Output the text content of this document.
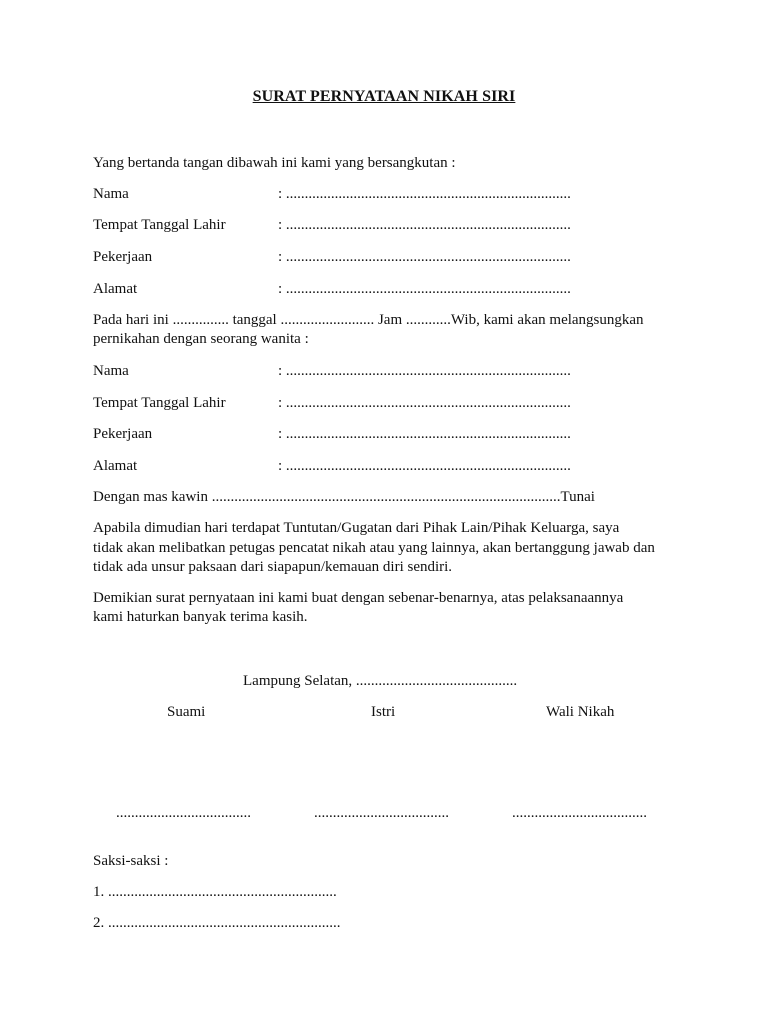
SURAT PERNYATAAN NIKAH SIRI
Yang bertanda tangan dibawah ini kami yang bersangkutan :
Nama	: ............................................................................
Tempat Tanggal Lahir	: ............................................................................
Pekerjaan	: ............................................................................
Alamat	: ............................................................................
Pada hari ini ............... tanggal ......................... Jam ............Wib, kami akan melangsungkan
pernikahan dengan seorang wanita :
Nama	: ............................................................................
Tempat Tanggal Lahir	: ............................................................................
Pekerjaan	: ............................................................................
Alamat	: ............................................................................
Dengan mas kawin .............................................................................................Tunai
Apabila dimudian hari terdapat Tuntutan/Gugatan dari Pihak Lain/Pihak Keluarga, saya
tidak akan melibatkan petugas pencatat nikah atau yang lainnya, akan bertanggung jawab dan
tidak ada unsur paksaan dari siapapun/kemauan diri sendiri.
Demikian surat pernyataan ini kami buat dengan sebenar-benarnya, atas pelaksanaannya
kami haturkan banyak terima kasih.
Lampung Selatan, ...........................................
Suami	Istri	Wali Nikah
....................................	....................................	....................................
Saksi-saksi :
1. .............................................................
2. ..............................................................
